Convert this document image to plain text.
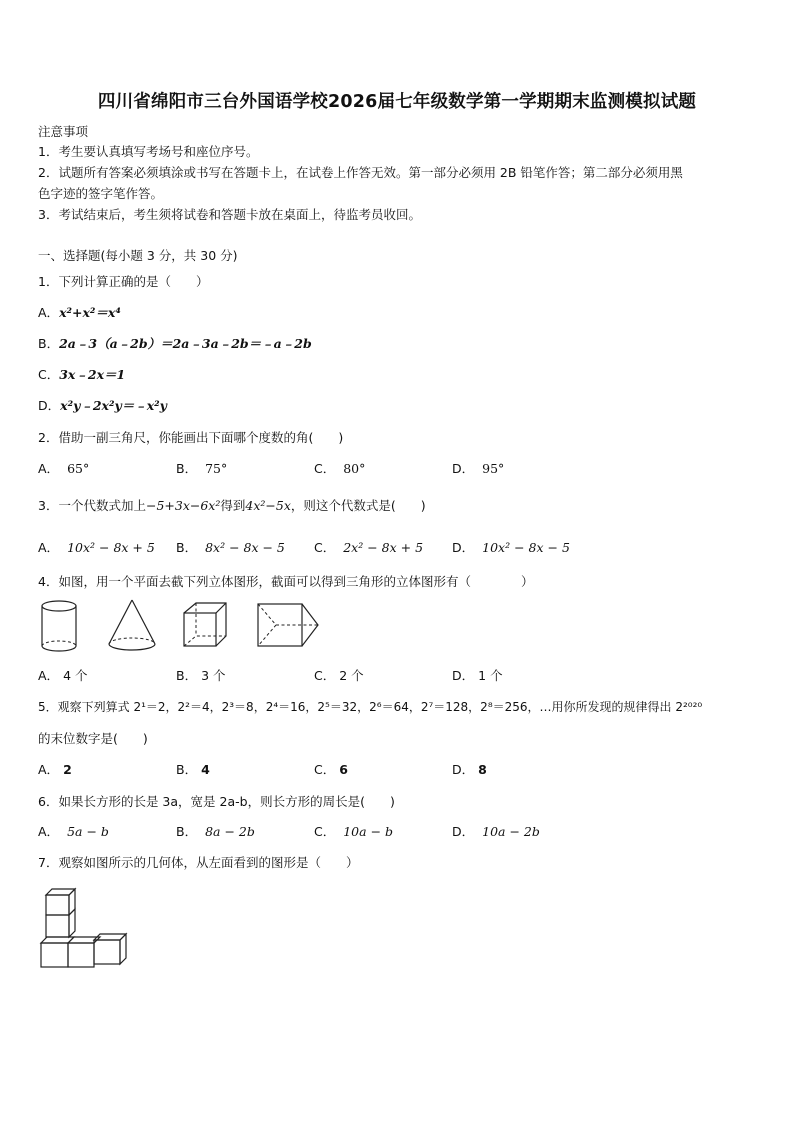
四川省绵阳市三台外国语学校2026届七年级数学第一学期期末监测模拟试题
注意事项
1．考生要认真填写考场号和座位序号。
2．试题所有答案必须填涂或书写在答题卡上，在试卷上作答无效。第一部分必须用 2B 铅笔作答；第二部分必须用黑
色字迹的签字笔作答。
3．考试结束后，考生须将试卷和答题卡放在桌面上，待监考员收回。
一、选择题(每小题 3 分，共 30 分)
1．下列计算正确的是（　　）
A．x²+x²＝x⁴
B．2a﹣3（a﹣2b）＝2a﹣3a﹣2b＝﹣a﹣2b
C．3x﹣2x＝1
D．x²y﹣2x²y＝﹣x²y
2．借助一副三角尺，你能画出下面哪个度数的角(　　)
A． 65°	B． 75°	C． 80°	D． 95°
3．一个代数式加上−5+3x−6x²得到4x²−5x，则这个代数式是(　　)
A． 10x² − 8x + 5 B． 8x² − 8x − 5 C． 2x² − 8x + 5 D． 10x² − 8x − 5
4．如图，用一个平面去截下列立体图形，截面可以得到三角形的立体图形有（　　　　）
A． 4 个	B． 3 个	C． 2 个	D． 1 个
5．观察下列算式 2¹＝2，2²＝4，2³＝8，2⁴＝16，2⁵＝32，2⁶＝64，2⁷＝128，2⁸＝256，…用你所发现的规律得出 2²⁰²⁰
的末位数字是(　　)
A． 2	B． 4	C． 6	D． 8
6．如果长方形的长是 3a，宽是 2a-b，则长方形的周长是(　　)
A． 5a − b	B． 8a − 2b	C． 10a − b	D． 10a − 2b
7．观察如图所示的几何体，从左面看到的图形是（　　）
